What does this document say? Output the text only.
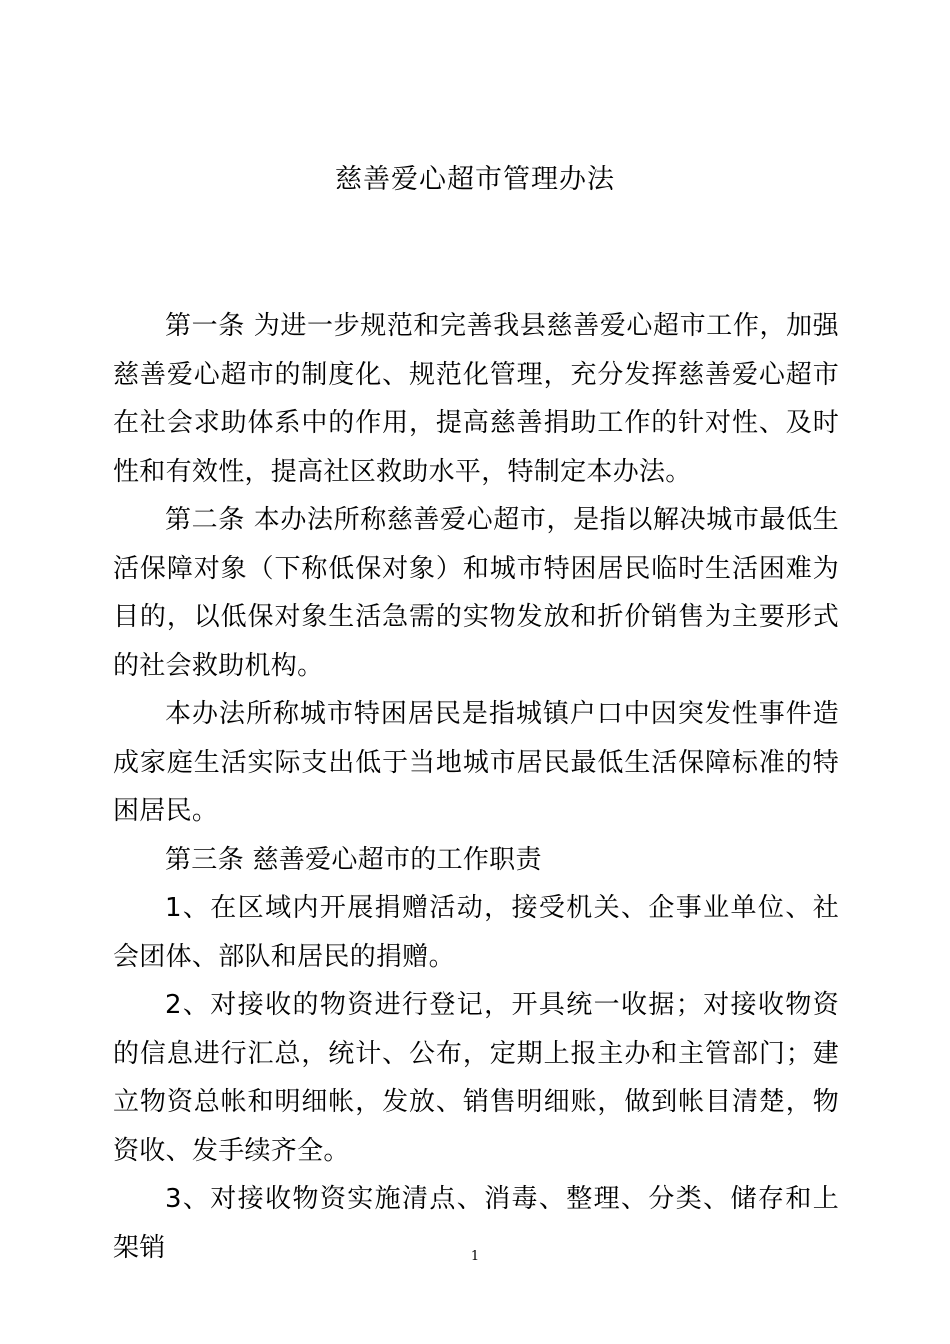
慈善爱心超市管理办法

第一条 为进一步规范和完善我县慈善爱心超市工作，加强慈善爱心超市的制度化、规范化管理，充分发挥慈善爱心超市在社会求助体系中的作用，提高慈善捐助工作的针对性、及时性和有效性，提高社区救助水平，特制定本办法。

第二条 本办法所称慈善爱心超市，是指以解决城市最低生活保障对象（下称低保对象）和城市特困居民临时生活困难为目的，以低保对象生活急需的实物发放和折价销售为主要形式的社会救助机构。

本办法所称城市特困居民是指城镇户口中因突发性事件造成家庭生活实际支出低于当地城市居民最低生活保障标准的特困居民。

第三条 慈善爱心超市的工作职责

1、在区域内开展捐赠活动，接受机关、企事业单位、社会团体、部队和居民的捐赠。

2、对接收的物资进行登记，开具统一收据；对接收物资的信息进行汇总，统计、公布，定期上报主办和主管部门；建立物资总帐和明细帐，发放、销售明细账，做到帐目清楚，物资收、发手续齐全。

3、对接收物资实施清点、消毒、整理、分类、储存和上架销	1
